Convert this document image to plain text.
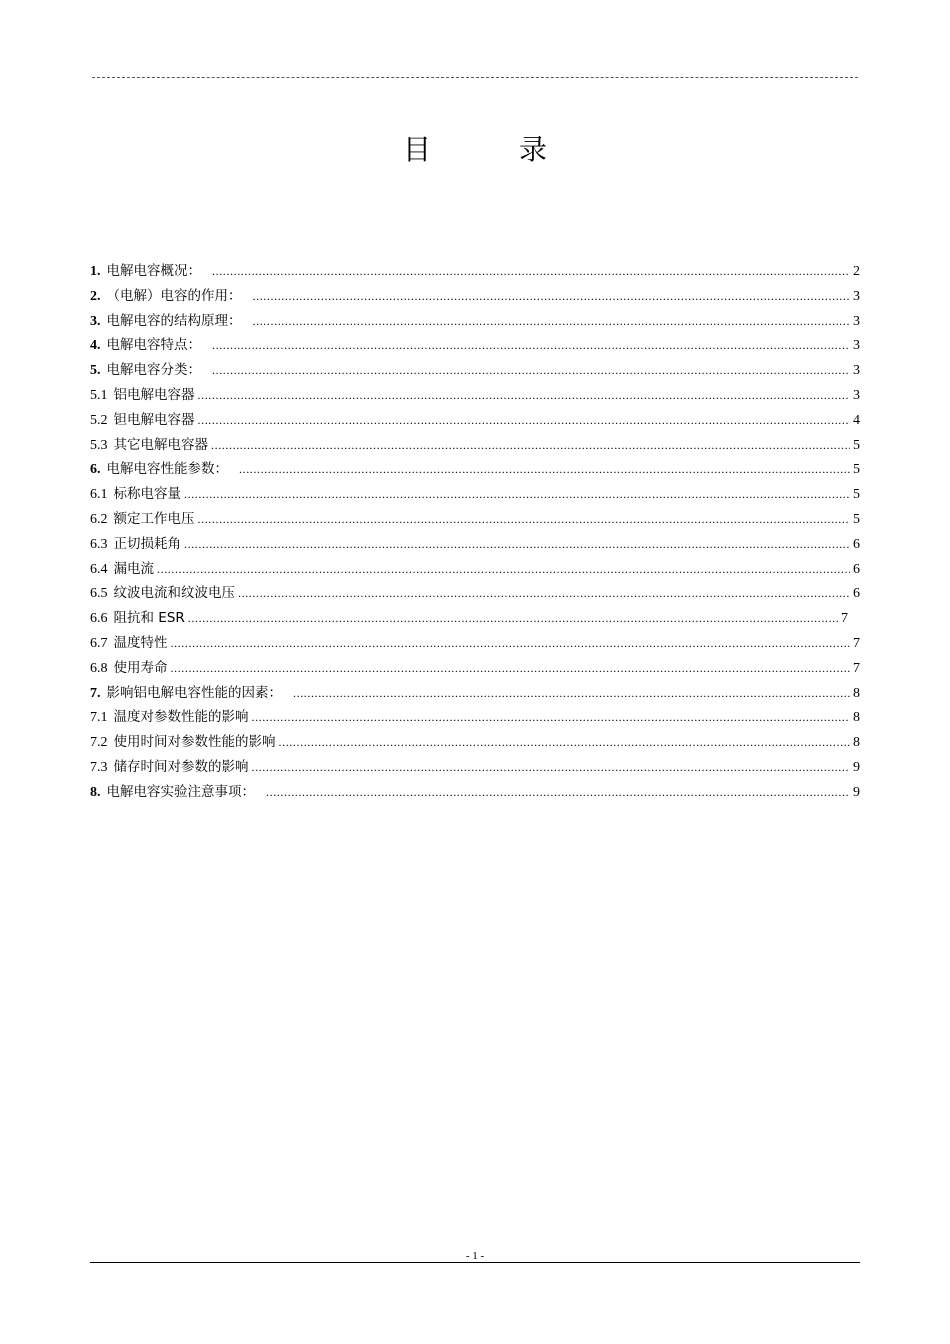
目　录
1. 电解电容概况： .....	2
2. （电解）电容的作用： .....	3
3. 电解电容的结构原理： .....	3
4. 电解电容特点： .....	3
5. 电解电容分类： .....	3
5.1 铝电解电容器 .....	3
5.2 钽电解电容器 .....	4
5.3 其它电解电容器 .....	5
6. 电解电容性能参数： .....	5
6.1 标称电容量 .....	5
6.2 额定工作电压 .....	5
6.3 正切损耗角 .....	6
6.4 漏电流 .....	6
6.5 纹波电流和纹波电压 .....	6
6.6 阻抗和 ESR .....	7
6.7 温度特性 .....	7
6.8 使用寿命 .....	7
7. 影响铝电解电容性能的因素： .....	8
7.1 温度对参数性能的影响 .....	8
7.2 使用时间对参数性能的影响 .....	8
7.3 储存时间对参数的影响 .....	9
8. 电解电容实验注意事项： .....	9
- 1 -
